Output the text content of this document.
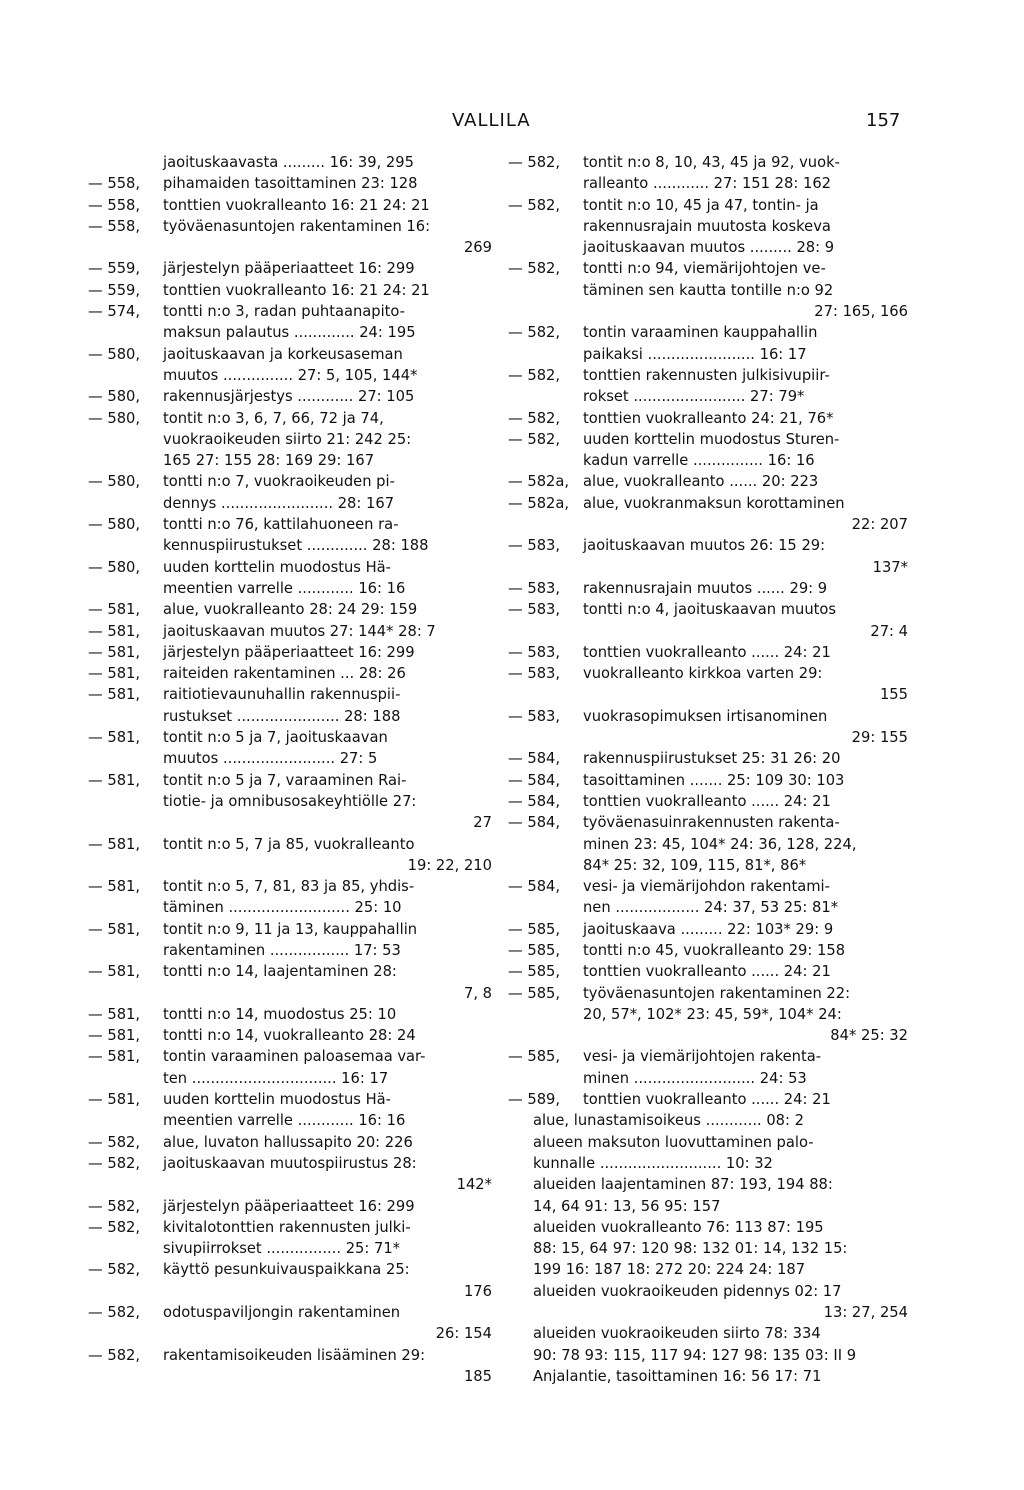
VALLILA	157
jaoituskaavasta ......... 16: 39, 295
— 558, pihamaiden tasoittaminen 23: 128
— 558, tonttien vuokralleanto 16: 21 24: 21
— 558, työväenasuntojen rakentaminen 16:
269
— 559, järjestelyn pääperiaatteet 16: 299
— 559, tonttien vuokralleanto 16: 21 24: 21
— 574, tontti n:o 3, radan puhtaanapito-
maksun palautus ............. 24: 195
— 580, jaoituskaavan ja korkeusaseman
muutos ............... 27: 5, 105, 144*
— 580, rakennusjärjestys ............ 27: 105
— 580, tontit n:o 3, 6, 7, 66, 72 ja 74,
vuokraoikeuden siirto 21: 242 25:
165 27: 155 28: 169 29: 167
— 580, tontti n:o 7, vuokraoikeuden pi-
dennys ........................ 28: 167
— 580, tontti n:o 76, kattilahuoneen ra-
kennuspiirustukset ............. 28: 188
— 580, uuden korttelin muodostus Hä-
meentien varrelle ............ 16: 16
— 581, alue, vuokralleanto 28: 24 29: 159
— 581, jaoituskaavan muutos 27: 144* 28: 7
— 581, järjestelyn pääperiaatteet 16: 299
— 581, raiteiden rakentaminen ... 28: 26
— 581, raitiotievaunuhallin rakennuspii-
rustukset ...................... 28: 188
— 581, tontit n:o 5 ja 7, jaoituskaavan
muutos ........................ 27: 5
— 581, tontit n:o 5 ja 7, varaaminen Rai-
tiotie- ja omnibusosakeyhtiölle 27:
27
— 581, tontit n:o 5, 7 ja 85, vuokralleanto
19: 22, 210
— 581, tontit n:o 5, 7, 81, 83 ja 85, yhdis-
täminen .......................... 25: 10
— 581, tontit n:o 9, 11 ja 13, kauppahallin
rakentaminen ................. 17: 53
— 581, tontti n:o 14, laajentaminen 28:
7, 8
— 581, tontti n:o 14, muodostus 25: 10
— 581, tontti n:o 14, vuokralleanto 28: 24
— 581, tontin varaaminen paloasemaa var-
ten ............................... 16: 17
— 581, uuden korttelin muodostus Hä-
meentien varrelle ............ 16: 16
— 582, alue, luvaton hallussapito 20: 226
— 582, jaoituskaavan muutospiirustus 28:
142*
— 582, järjestelyn pääperiaatteet 16: 299
— 582, kivitalotonttien rakennusten julki-
sivupiirrokset ................ 25: 71*
— 582, käyttö pesunkuivauspaikkana 25:
176
— 582, odotuspaviljongin rakentaminen
26: 154
— 582, rakentamisoikeuden lisääminen 29:
185
— 582, tontit n:o 8, 10, 43, 45 ja 92, vuok-
ralleanto ............ 27: 151 28: 162
— 582, tontit n:o 10, 45 ja 47, tontin- ja
rakennusrajain muutosta koskeva
jaoituskaavan muutos ......... 28: 9
— 582, tontti n:o 94, viemärijohtojen ve-
täminen sen kautta tontille n:o 92
27: 165, 166
— 582, tontin varaaminen kauppahallin
paikaksi ....................... 16: 17
— 582, tonttien rakennusten julkisivupiir-
rokset ........................ 27: 79*
— 582, tonttien vuokralleanto 24: 21, 76*
— 582, uuden korttelin muodostus Sturen-
kadun varrelle ............... 16: 16
— 582a, alue, vuokralleanto ...... 20: 223
— 582a, alue, vuokranmaksun korottaminen
22: 207
— 583, jaoituskaavan muutos 26: 15 29:
137*
— 583, rakennusrajain muutos ...... 29: 9
— 583, tontti n:o 4, jaoituskaavan muutos
27: 4
— 583, tonttien vuokralleanto ...... 24: 21
— 583, vuokralleanto kirkkoa varten 29:
155
— 583, vuokrasopimuksen irtisanominen
29: 155
— 584, rakennuspiirustukset 25: 31 26: 20
— 584, tasoittaminen ....... 25: 109 30: 103
— 584, tonttien vuokralleanto ...... 24: 21
— 584, työväenasuinrakennusten rakenta-
minen 23: 45, 104* 24: 36, 128, 224,
84* 25: 32, 109, 115, 81*, 86*
— 584, vesi- ja viemärijohdon rakentami-
nen .................. 24: 37, 53 25: 81*
— 585, jaoituskaava ......... 22: 103* 29: 9
— 585, tontti n:o 45, vuokralleanto 29: 158
— 585, tonttien vuokralleanto ...... 24: 21
— 585, työväenasuntojen rakentaminen 22:
20, 57*, 102* 23: 45, 59*, 104* 24:
84* 25: 32
— 585, vesi- ja viemärijohtojen rakenta-
minen .......................... 24: 53
— 589, tonttien vuokralleanto ...... 24: 21
alue, lunastamisoikeus ............ 08: 2
alueen maksuton luovuttaminen palo-
kunnalle .......................... 10: 32
alueiden laajentaminen 87: 193, 194 88:
14, 64 91: 13, 56 95: 157
alueiden vuokralleanto 76: 113 87: 195
88: 15, 64 97: 120 98: 132 01: 14, 132 15:
199 16: 187 18: 272 20: 224 24: 187
alueiden vuokraoikeuden pidennys 02: 17
13: 27, 254
alueiden vuokraoikeuden siirto 78: 334
90: 78 93: 115, 117 94: 127 98: 135 03: II 9
Anjalantie, tasoittaminen 16: 56 17: 71
